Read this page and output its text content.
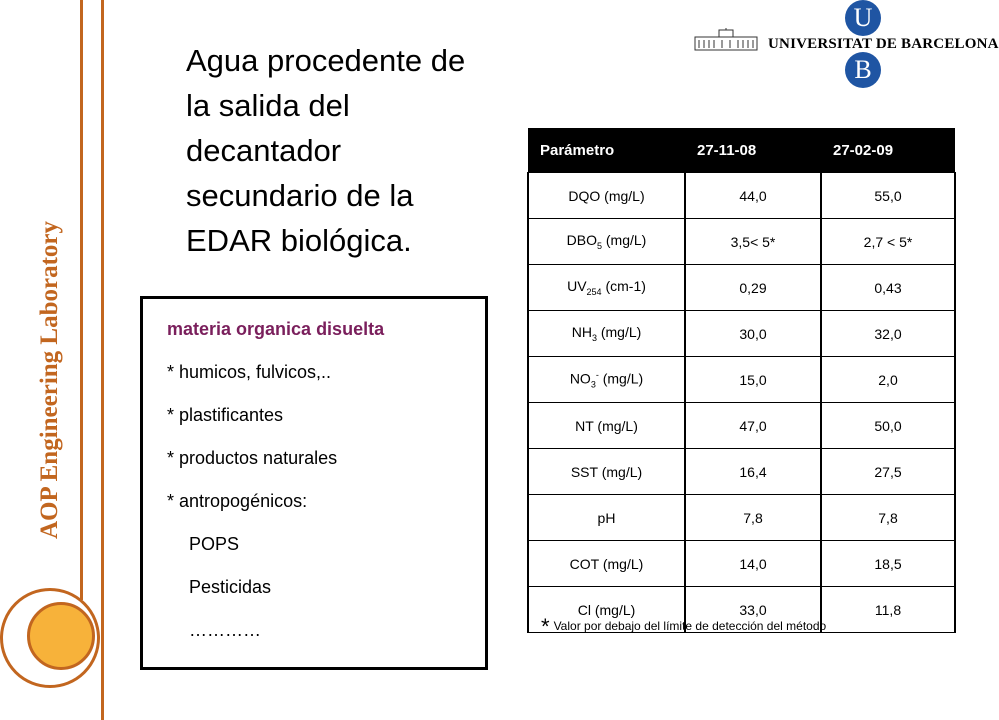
AOP Engineering Laboratory
Agua procedente de la salida del decantador secundario de la EDAR biológica.
U
UNIVERSITAT DE BARCELONA
B
materia organica disuelta
* humicos, fulvicos,..
* plastificantes
* productos naturales
* antropogénicos:
POPS
Pesticidas
…………
Parámetro	27-11-08	27-02-09
DQO (mg/L)	44,0	55,0
$DBO_5$ (mg/L)	3,5< 5*	2,7 < 5*
$UV_{254}$ (cm-1)	0,29	0,43
$NH_3$ (mg/L)	30,0	32,0
$NO_3^-$ (mg/L)	15,0	2,0
NT (mg/L)	47,0	50,0
SST (mg/L)	16,4	27,5
pH	7,8	7,8
COT (mg/L)	14,0	18,5
Cl (mg/L)	33,0	11,8
* Valor por debajo del límite de detección del método
